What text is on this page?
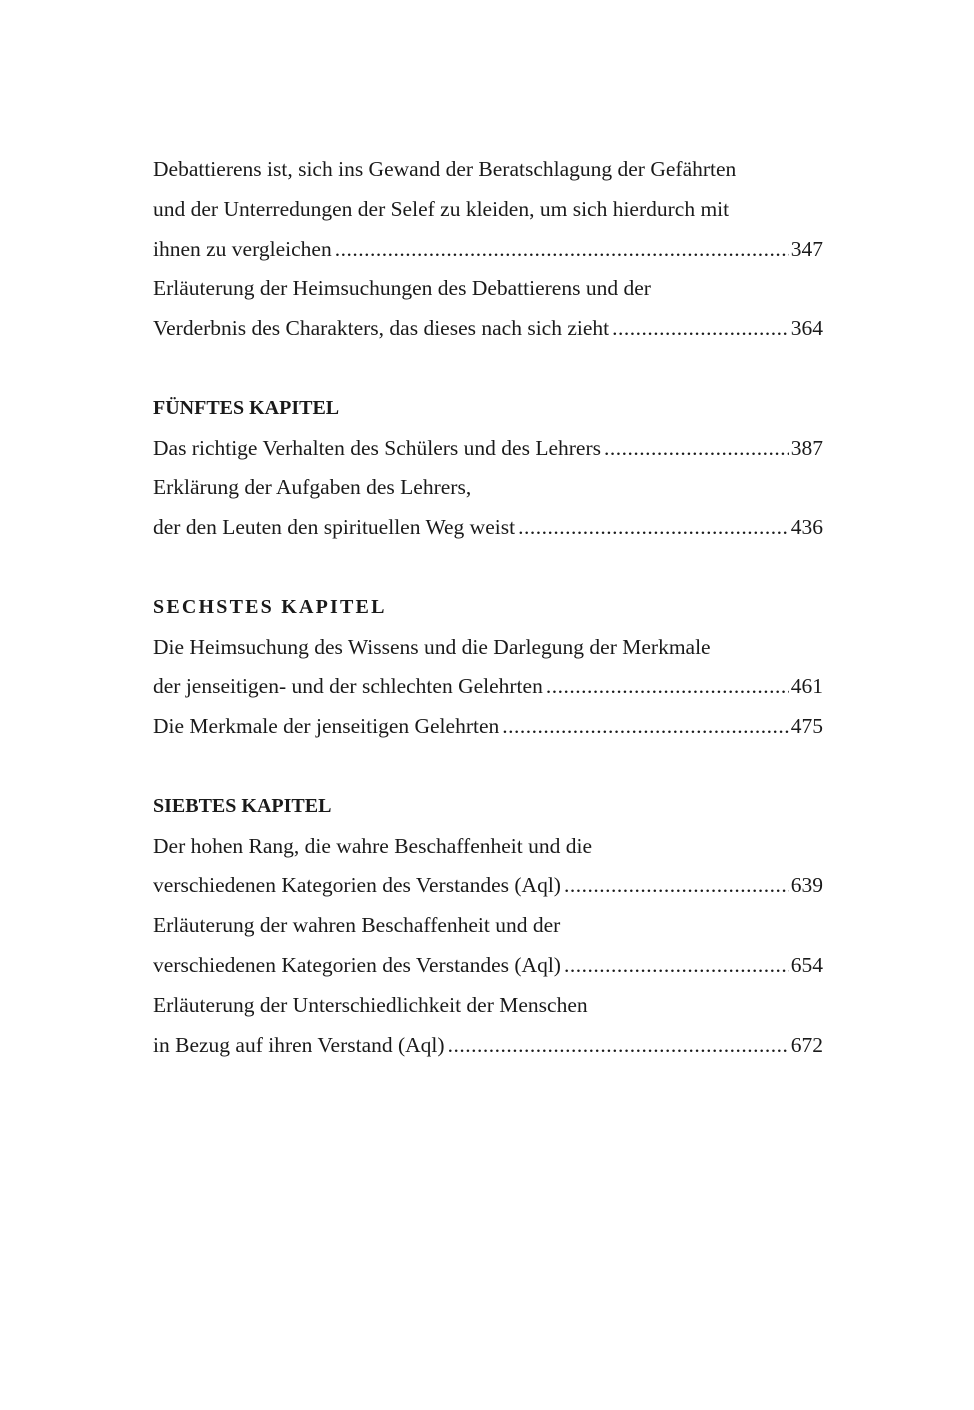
Debattierens ist, sich ins Gewand der Beratschlagung der Gefährten
und der Unterredungen der Selef zu kleiden, um sich hierdurch mit
ihnen zu vergleichen .....	347
Erläuterung der Heimsuchungen des Debattierens und der
Verderbnis des Charakters, das dieses nach sich zieht .....	364
FÜNFTES KAPITEL
Das richtige Verhalten des Schülers und des Lehrers .....	387
Erklärung der Aufgaben des Lehrers,
der den Leuten den spirituellen Weg weist .....	436
SECHSTES KAPITEL
Die Heimsuchung des Wissens und die Darlegung der Merkmale
der jenseitigen- und der schlechten Gelehrten .....	461
Die Merkmale der jenseitigen Gelehrten .....	475
SIEBTES KAPITEL
Der hohen Rang, die wahre Beschaffenheit und die
verschiedenen Kategorien des Verstandes (Aql) .....	639
Erläuterung der wahren Beschaffenheit und der
verschiedenen Kategorien des Verstandes (Aql) .....	654
Erläuterung der Unterschiedlichkeit der Menschen
in Bezug auf ihren Verstand (Aql) .....	672
